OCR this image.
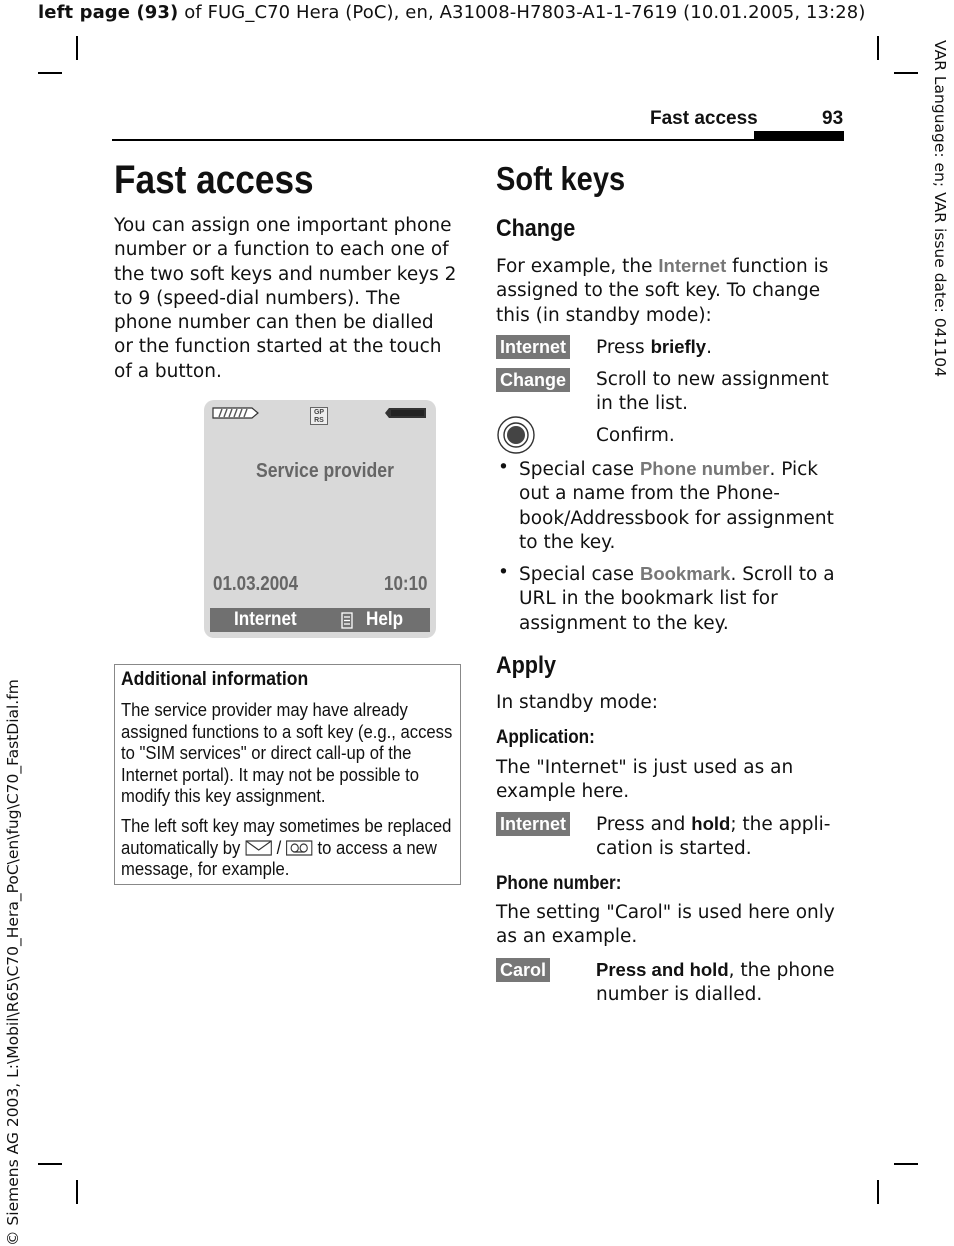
left page (93) of FUG_C70 Hera (PoC), en, A31008-H7803-A1-1-7619 (10.01.2005, 13:28)
VAR Language: en; VAR issue date: 041104
© Siemens AG 2003, L:\Mobil\R65\C70_Hera_PoC\en\fug\C70_FastDial.fm
Fast access	93
Fast access
You can assign one important phone number or a function to each one of the two soft keys and number keys 2 to 9 (speed-dial numbers). The phone number can then be dialled or the function started at the touch of a button.
GP
RS
Service provider
01.03.2004	10:10
Internet	Help
Additional information
The service provider may have already assigned functions to a soft key (e.g., access to "SIM services" or direct call-up of the Internet portal). It may not be possible to modify this key assignment.
The left soft key may sometimes be replaced automatically by / to access a new message, for example.
Soft keys
Change
For example, the Internet function is assigned to the soft key. To change this (in standby mode):
Internet Press briefly.
Change Scroll to new assignment in the list.
Confirm.
• Special case Phone number. Pick out a name from the Phone-book/Addressbook for assignment to the key.
• Special case Bookmark. Scroll to a URL in the bookmark list for assignment to the key.
Apply
In standby mode:
Application:
The "Internet" is just used as an example here.
Internet Press and hold; the appli-cation is started.
Phone number:
The setting "Carol" is used here only as an example.
Carol	Press and hold, the phone number is dialled.
